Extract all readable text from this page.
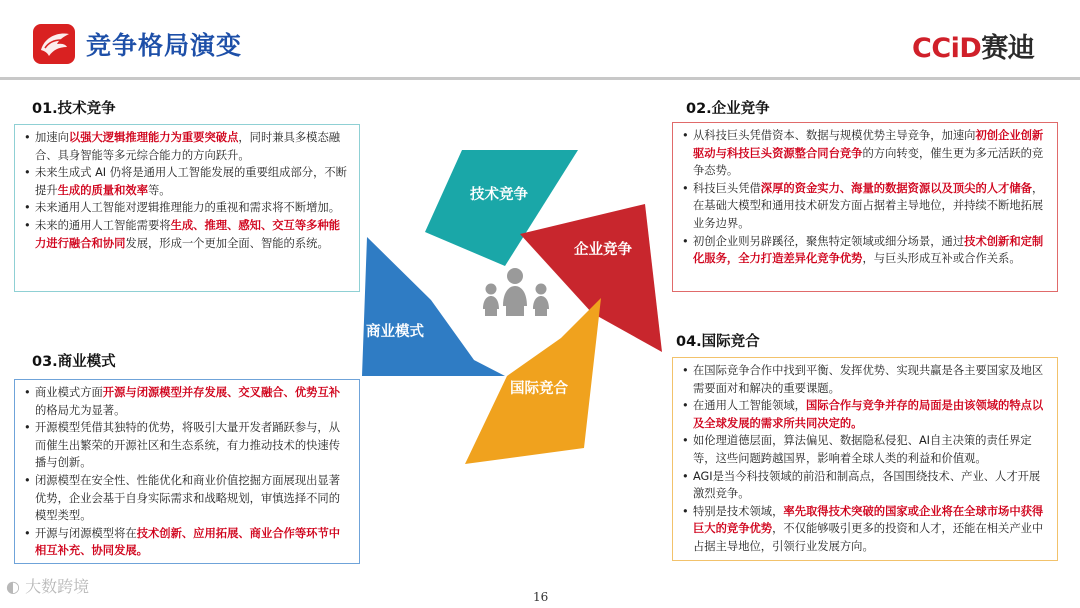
竞争格局演变	CCiD赛迪
01.技术竞争
• 加速向以强大逻辑推理能力为重要突破点，同时兼具多模态融合、具身智能等多元综合能力的方向跃升。
• 未来生成式 AI 仍将是通用人工智能发展的重要组成部分，不断提升生成的质量和效率等。
• 未来通用人工智能对逻辑推理能力的重视和需求将不断增加。
• 未来的通用人工智能需要将生成、推理、感知、交互等多种能力进行融合和协同发展，形成一个更加全面、智能的系统。
02.企业竞争
• 从科技巨头凭借资本、数据与规模优势主导竞争，加速向初创企业创新驱动与科技巨头资源整合同台竞争的方向转变，催生更为多元活跃的竞争态势。
• 科技巨头凭借深厚的资金实力、海量的数据资源以及顶尖的人才储备，在基础大模型和通用技术研发方面占据着主导地位，并持续不断地拓展业务边界。
• 初创企业则另辟蹊径，聚焦特定领域或细分场景，通过技术创新和定制化服务，全力打造差异化竞争优势，与巨头形成互补或合作关系。
03.商业模式
• 商业模式方面开源与闭源模型并存发展、交叉融合、优势互补的格局尤为显著。
• 开源模型凭借其独特的优势，将吸引大量开发者踊跃参与，从而催生出繁荣的开源社区和生态系统，有力推动技术的快速传播与创新。
• 闭源模型在安全性、性能优化和商业价值挖掘方面展现出显著优势，企业会基于自身实际需求和战略规划，审慎选择不同的模型类型。
• 开源与闭源模型将在技术创新、应用拓展、商业合作等环节中相互补充、协同发展。
04.国际竞合
• 在国际竞争合作中找到平衡、发挥优势、实现共赢是各主要国家及地区需要面对和解决的重要课题。
• 在通用人工智能领域，国际合作与竞争并存的局面是由该领域的特点以及全球发展的需求所共同决定的。
• 如伦理道德层面，算法偏见、数据隐私侵犯、AI自主决策的责任界定等，这些问题跨越国界，影响着全球人类的利益和价值观。
• AGI是当今科技领域的前沿和制高点，各国围绕技术、产业、人才开展激烈竞争。
• 特别是技术领域，率先取得技术突破的国家或企业将在全球市场中获得巨大的竞争优势，不仅能够吸引更多的投资和人才，还能在相关产业中占据主导地位，引领行业发展方向。
技术竞争
企业竞争
商业模式
国际竞合
◐ 大数跨境
16
